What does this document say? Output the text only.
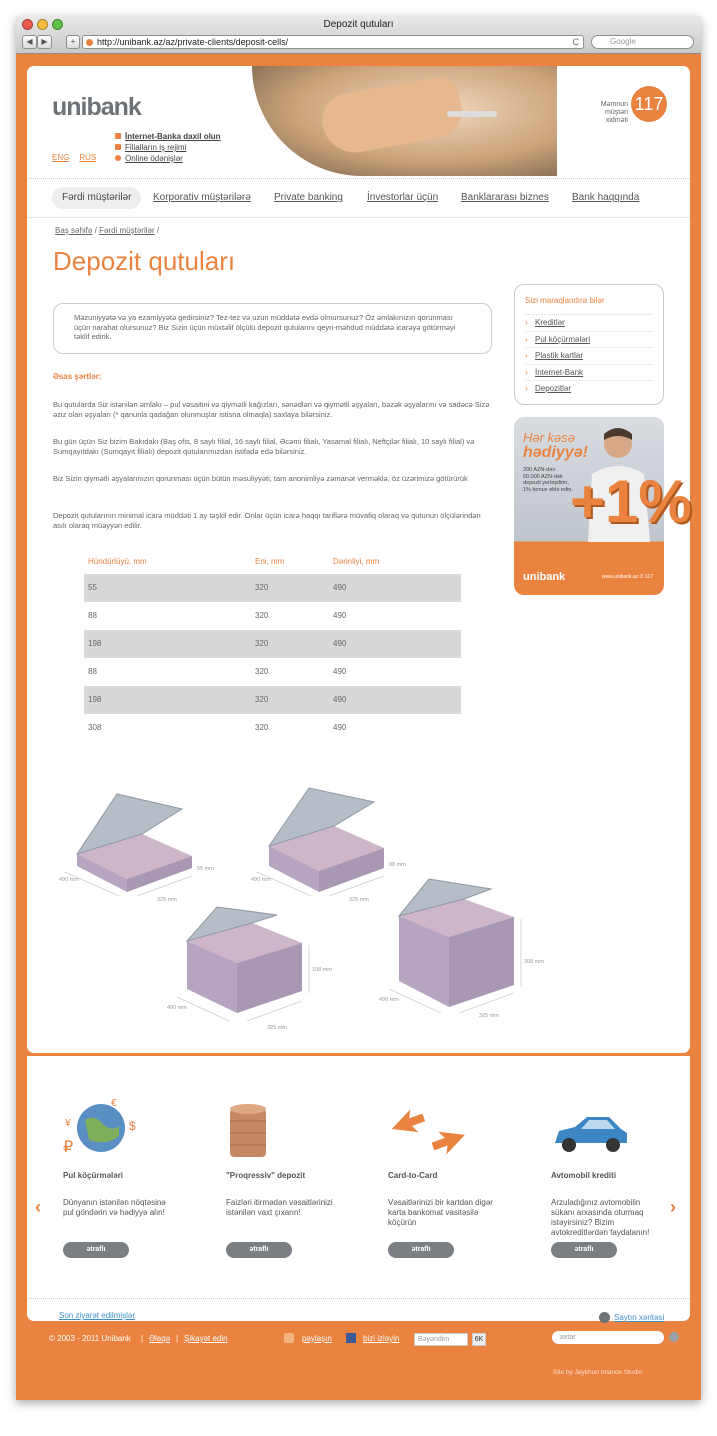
Depozit qutuları
◀	▶	+	http://unibank.az/az/private-clients/deposit-cells/	C	Google
unibank	Məmnun müştəri xidməti
117
İnternet-Banka daxil olun
Filialların iş rejimi
Online ödənişlər
ENG RUS
Fərdi müştərilər	Korporativ müştərilərə Private banking İnvestorlar üçün Banklararası biznes Bank haqqında
Baş səhifə / Fərdi müştərilər /
Depozit qutuları
Məzuniyyətə və ya ezamiyyətə gedirsiniz? Tez-tez və uzun müddətə evdə olmursunuz? Öz əmlakınızın qorunması üçün narahat olursunuz? Biz Sizin üçün müxtəlif ölçülü depozit qutularını qeyri-məhdud müddətə icarəyə götürməyi təklif edirik.
Əsas şərtlər:
Bu qutularda Siz istənilən əmlakı – pul vəsaitini və qiymətli kağızları, sənədləri və qiymətli əşyaları, bəzək əşyalarını və sadəcə Sizə əziz olan əşyaları (* qanunla qadağan olunmuşlar istisna olmaqla) saxlaya bilərsiniz.
Bu gün üçün Siz bizim Bakıdakı (Baş ofis, 8 saylı filial, 16 saylı filial, Əcəmi filialı, Yasamal filialı, Neftçilər filialı, 10 saylı filial) və Sumqayıtdakı (Sumqayıt filialı) depozit qutularımızdan istifadə edə bilərsiniz.
Biz Sizin qiymətli əşyalarınızın qorunması üçün bütün məsuliyyəti, tam anonimliyə zəmanət verməklə, öz üzərimizə götürürük
Depozit qutularının minimal icarə müddəti 1 ay təşkil edir. Onlar üçün icarə haqqı tariflərə müvafiq olaraq və qutunun ölçülərindən asılı olaraq müəyyən edilir.
Hündürlüyü, mm	Eni, mm	Dərinliyi, mm
55	320	490
88	320	490
198	320	490
88	320	490
198	320	490
308	320	490
490 mm
325 mm
55 mm
490 mm
325 mm
88 mm
490 mm
325 mm
198 mm
490 mm
325 mm
308 mm
Sizi maraqlandıra bilər
› Kreditlər
› Pul köçürmələri
› Plastik kartlar
› İnternet-Bank
› Depozitlər
Hər kəsə
hədiyyə!
200 AZN-dən 50.000 AZN-dək depozit yerləşdirin, 1% bonus əldə edin.
+1%
unibank	www.unibank.az ✆ 117
‹	›
¥
₽
$
€
Pul köçürmələri
Dünyanın istənilən nöqtəsinə pul göndərin və hədiyyə alın!
ətraflı
"Proqressiv" depozit
Faizləri itirmədən vəsaitlərinizi istənilən vaxt çıxarın!
ətraflı
Card-to-Card
Vəsaitlərinizi bir kartdan digər karta bankomat vasitəsilə köçürün
ətraflı
Avtomobil krediti
Arzuladığınız avtomobilin sükanı arxasında oturmaq istəyirsiniz? Bizim avtokreditlərdən faydalanın!
ətraflı
Son ziyarət edilmişlər	Saytın xəritəsi
© 2003 - 2011 Unibank | Əlaqə | Şikayət edin	paylaşın	bizi izləyin	Bəyəndim	6K	axtar
Site by Jeykhun Imanov Studio
